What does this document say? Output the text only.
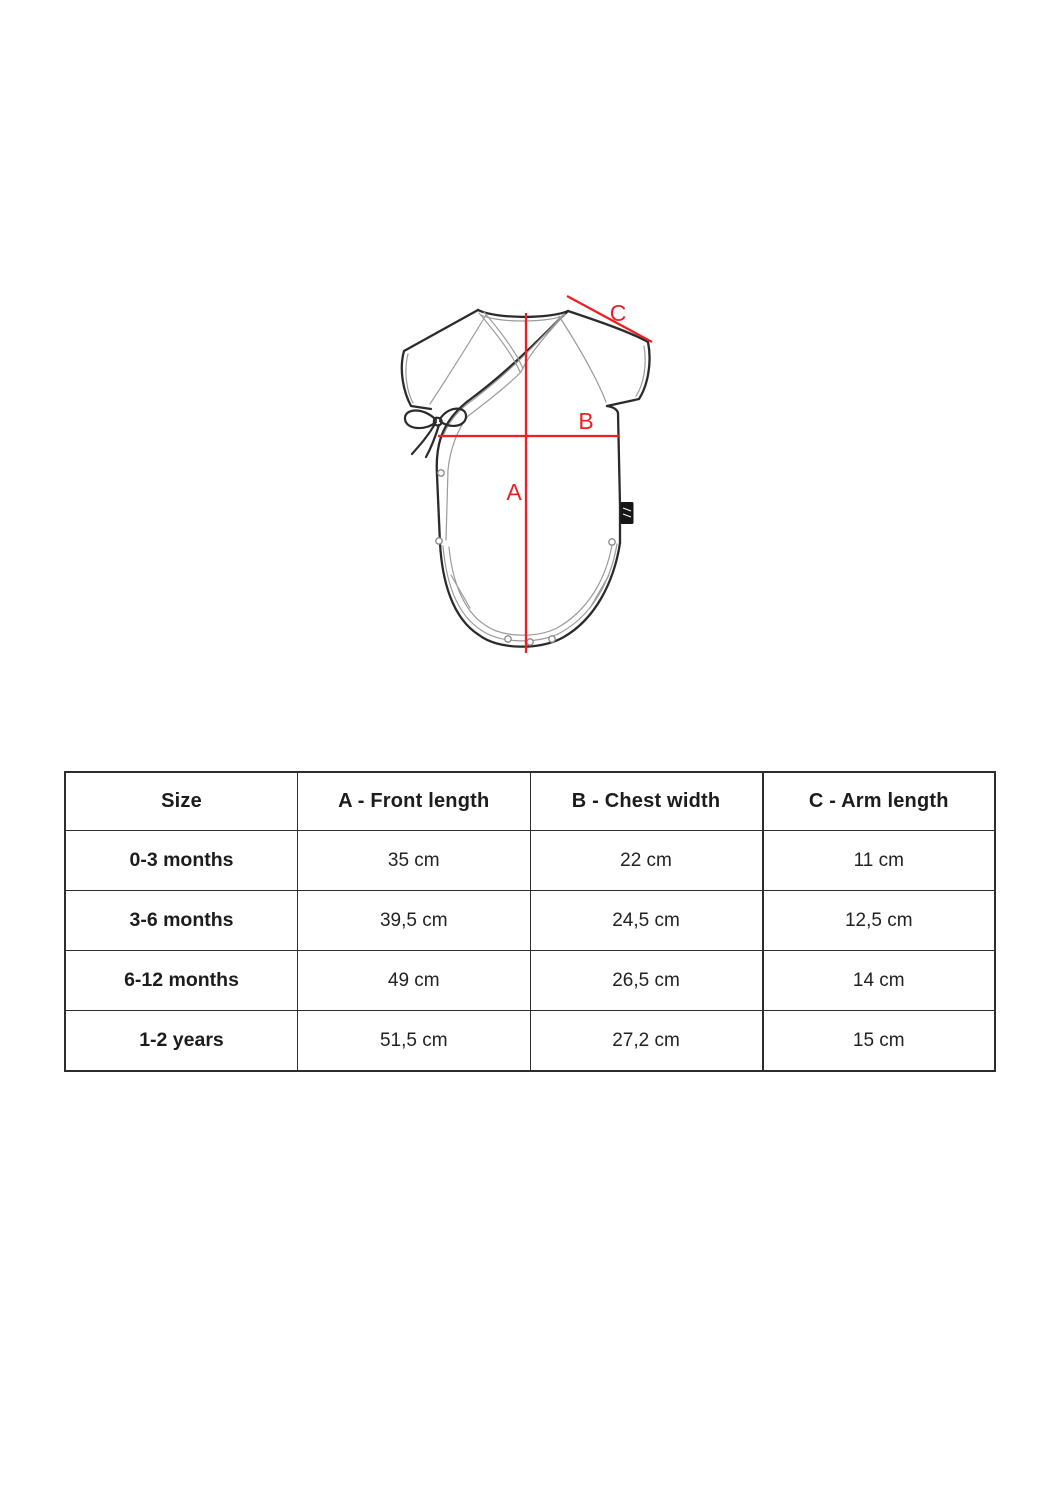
A
B
C
Size	A - Front length	B - Chest width	C - Arm length
0-3 months	35 cm	22 cm	11 cm
3-6 months	39,5 cm	24,5 cm	12,5 cm
6-12 months	49 cm	26,5 cm	14 cm
1-2 years	51,5 cm	27,2 cm	15 cm
